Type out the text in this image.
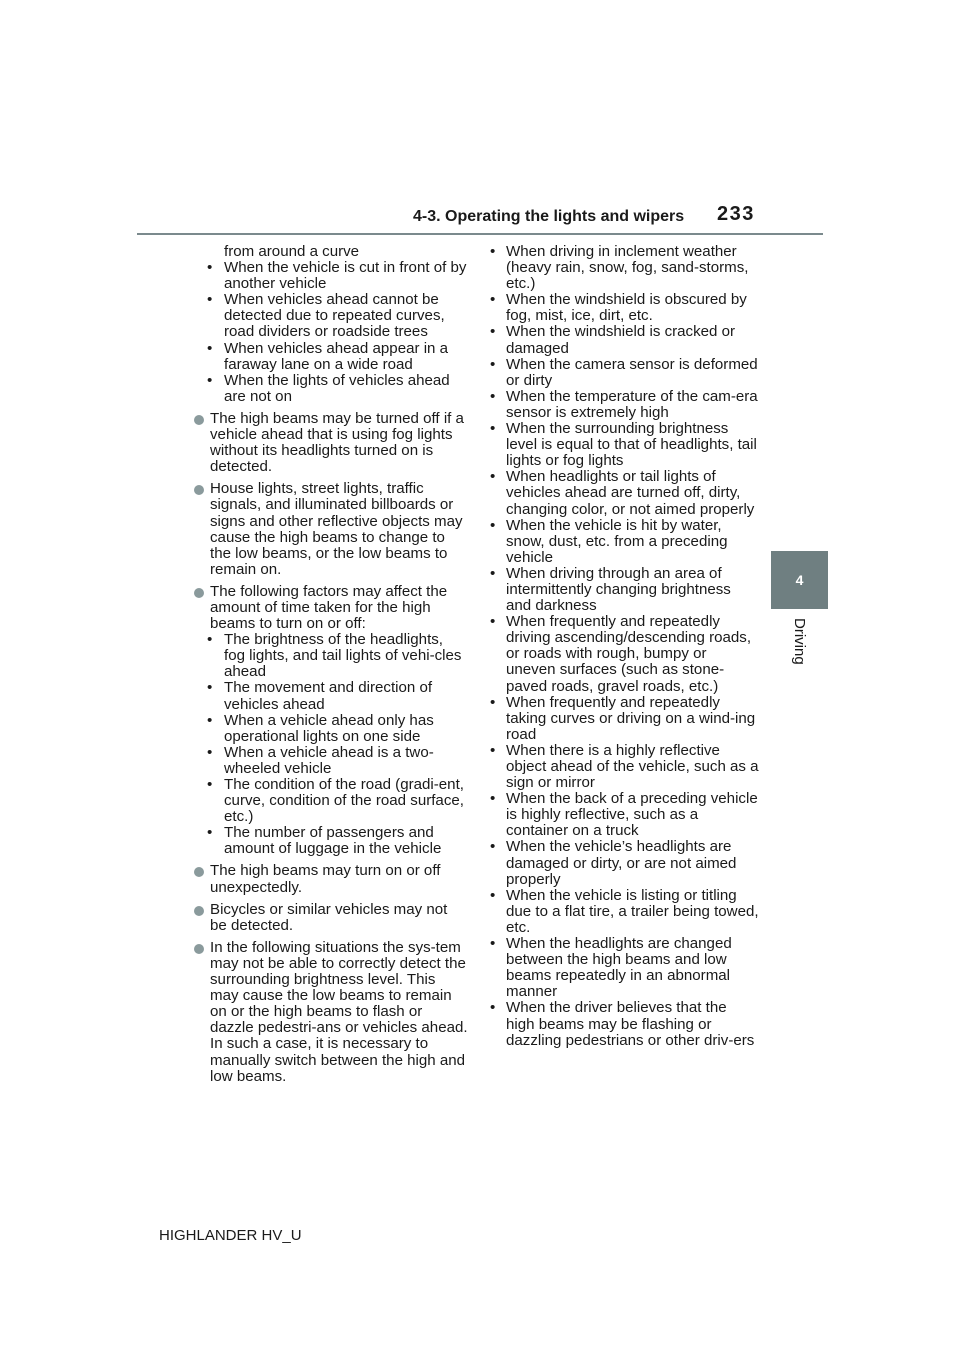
4-3. Operating the lights and wipers 233
4
Driving
from around a curve
• When the vehicle is cut in front of by another vehicle
• When vehicles ahead cannot be detected due to repeated curves, road dividers or roadside trees
• When vehicles ahead appear in a faraway lane on a wide road
• When the lights of vehicles ahead are not on
The high beams may be turned off if a vehicle ahead that is using fog lights without its headlights turned on is detected.
House lights, street lights, traffic signals, and illuminated billboards or signs and other reflective objects may cause the high beams to change to the low beams, or the low beams to remain on.
The following factors may affect the amount of time taken for the high beams to turn on or off:
• The brightness of the headlights, fog lights, and tail lights of vehi-cles ahead
• The movement and direction of vehicles ahead
• When a vehicle ahead only has operational lights on one side
• When a vehicle ahead is a two-wheeled vehicle
• The condition of the road (gradi-ent, curve, condition of the road surface, etc.)
• The number of passengers and amount of luggage in the vehicle
The high beams may turn on or off unexpectedly.
Bicycles or similar vehicles may not be detected.
In the following situations the sys-tem may not be able to correctly detect the surrounding brightness level. This may cause the low beams to remain on or the high beams to flash or dazzle pedestri-ans or vehicles ahead. In such a case, it is necessary to manually switch between the high and low beams.
• When driving in inclement weather (heavy rain, snow, fog, sand-storms, etc.)
• When the windshield is obscured by fog, mist, ice, dirt, etc.
• When the windshield is cracked or damaged
• When the camera sensor is deformed or dirty
• When the temperature of the cam-era sensor is extremely high
• When the surrounding brightness level is equal to that of headlights, tail lights or fog lights
• When headlights or tail lights of vehicles ahead are turned off, dirty, changing color, or not aimed properly
• When the vehicle is hit by water, snow, dust, etc. from a preceding vehicle
• When driving through an area of intermittently changing brightness and darkness
• When frequently and repeatedly driving ascending/descending roads, or roads with rough, bumpy or uneven surfaces (such as stone-paved roads, gravel roads, etc.)
• When frequently and repeatedly taking curves or driving on a wind-ing road
• When there is a highly reflective object ahead of the vehicle, such as a sign or mirror
• When the back of a preceding vehicle is highly reflective, such as a container on a truck
• When the vehicle’s headlights are damaged or dirty, or are not aimed properly
• When the vehicle is listing or titling due to a flat tire, a trailer being towed, etc.
• When the headlights are changed between the high beams and low beams repeatedly in an abnormal manner
• When the driver believes that the high beams may be flashing or dazzling pedestrians or other driv-ers
HIGHLANDER HV_U
